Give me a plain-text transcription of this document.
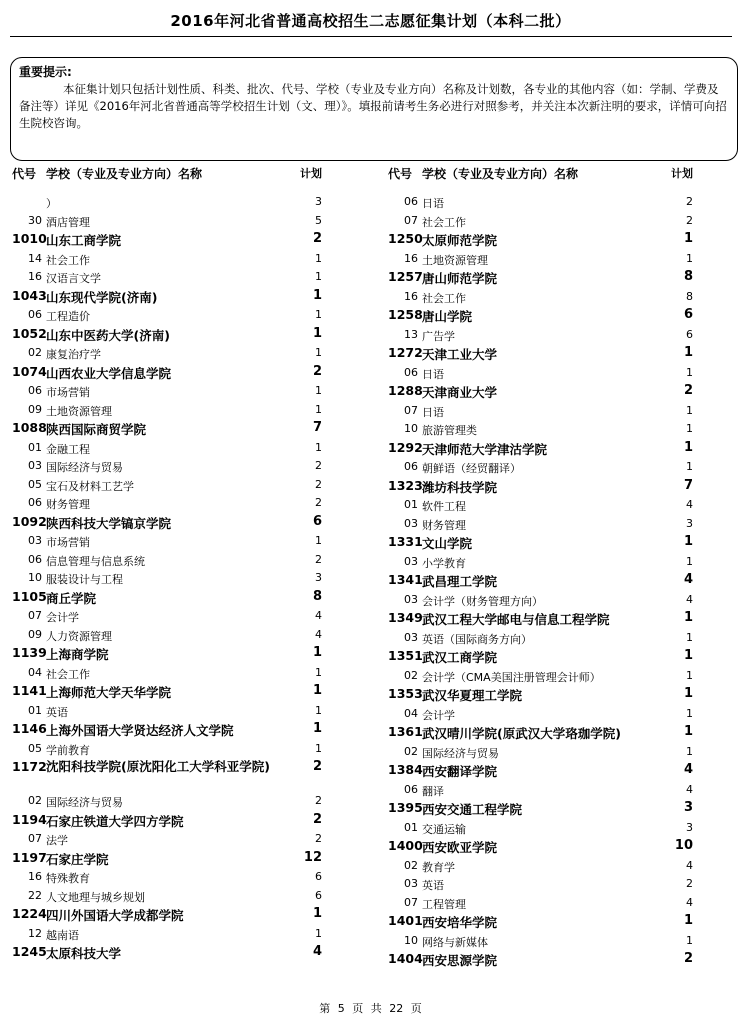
2016年河北省普通高校招生二志愿征集计划（本科二批）
重要提示:
本征集计划只包括计划性质、科类、批次、代号、学校（专业及专业方向）名称及计划数，各专业的其他内容（如：学制、学费及备注等）详见《2016年河北省普通高等学校招生计划（文、理）》。填报前请考生务必进行对照参考，并关注本次新注明的要求，详情可向招生院校咨询。
代号 学校（专业及专业方向）名称	计划
）	3
30 酒店管理	5
1010 山东工商学院	2
14 社会工作	1
16 汉语言文学	1
1043 山东现代学院(济南)	1
06 工程造价	1
1052 山东中医药大学(济南)	1
02 康复治疗学	1
1074 山西农业大学信息学院	2
06 市场营销	1
09 土地资源管理	1
1088 陕西国际商贸学院	7
01 金融工程	1
03 国际经济与贸易	2
05 宝石及材料工艺学	2
06 财务管理	2
1092 陕西科技大学镐京学院	6
03 市场营销	1
06 信息管理与信息系统	2
10 服装设计与工程	3
1105 商丘学院	8
07 会计学	4
09 人力资源管理	4
1139 上海商学院	1
04 社会工作	1
1141 上海师范大学天华学院	1
01 英语	1
1146 上海外国语大学贤达经济人文学院	1
05 学前教育	1
1172 沈阳科技学院(原沈阳化工大学科亚学院)	2
02 国际经济与贸易	2
1194 石家庄铁道大学四方学院	2
07 法学	2
1197 石家庄学院	12
16 特殊教育	6
22 人文地理与城乡规划	6
1224 四川外国语大学成都学院	1
12 越南语	1
1245 太原科技大学	4
代号 学校（专业及专业方向）名称	计划
06 日语	2
07 社会工作	2
1250 太原师范学院	1
16 土地资源管理	1
1257 唐山师范学院	8
16 社会工作	8
1258 唐山学院	6
13 广告学	6
1272 天津工业大学	1
06 日语	1
1288 天津商业大学	2
07 日语	1
10 旅游管理类	1
1292 天津师范大学津沽学院	1
06 朝鲜语（经贸翻译）	1
1323 潍坊科技学院	7
01 软件工程	4
03 财务管理	3
1331 文山学院	1
03 小学教育	1
1341 武昌理工学院	4
03 会计学（财务管理方向）	4
1349 武汉工程大学邮电与信息工程学院	1
03 英语（国际商务方向）	1
1351 武汉工商学院	1
02 会计学（CMA美国注册管理会计师）	1
1353 武汉华夏理工学院	1
04 会计学	1
1361 武汉晴川学院(原武汉大学珞珈学院)	1
02 国际经济与贸易	1
1384 西安翻译学院	4
06 翻译	4
1395 西安交通工程学院	3
01 交通运输	3
1400 西安欧亚学院	10
02 教育学	4
03 英语	2
07 工程管理	4
1401 西安培华学院	1
10 网络与新媒体	1
1404 西安思源学院	2
第 5 页 共 22 页
